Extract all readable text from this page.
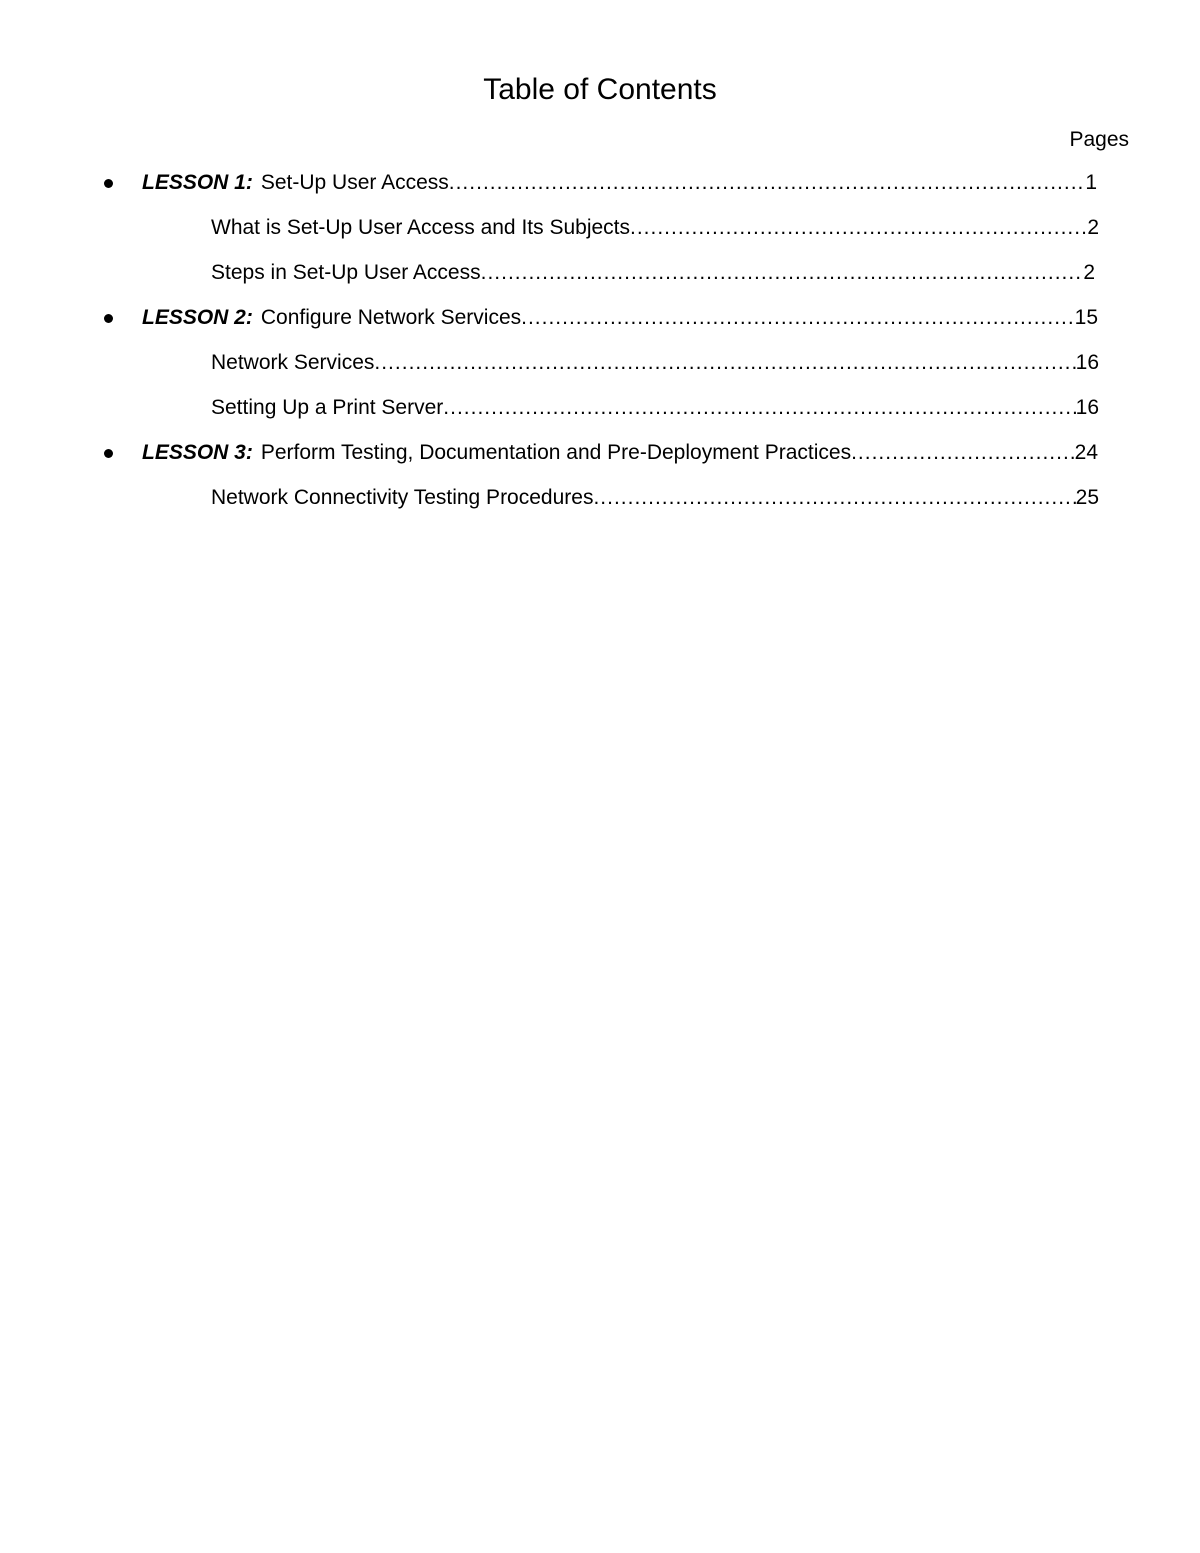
Table of Contents
Pages
LESSON 1: Set-Up User Access .....	1
What is Set-Up User Access and Its Subjects .....	2
Steps in Set-Up User Access .....	2
LESSON 2: Configure Network Services .....	15
Network Services .....	16
Setting Up a Print Server .....	16
LESSON 3: Perform Testing, Documentation and Pre-Deployment Practices .....	24
Network Connectivity Testing Procedures .....	25
